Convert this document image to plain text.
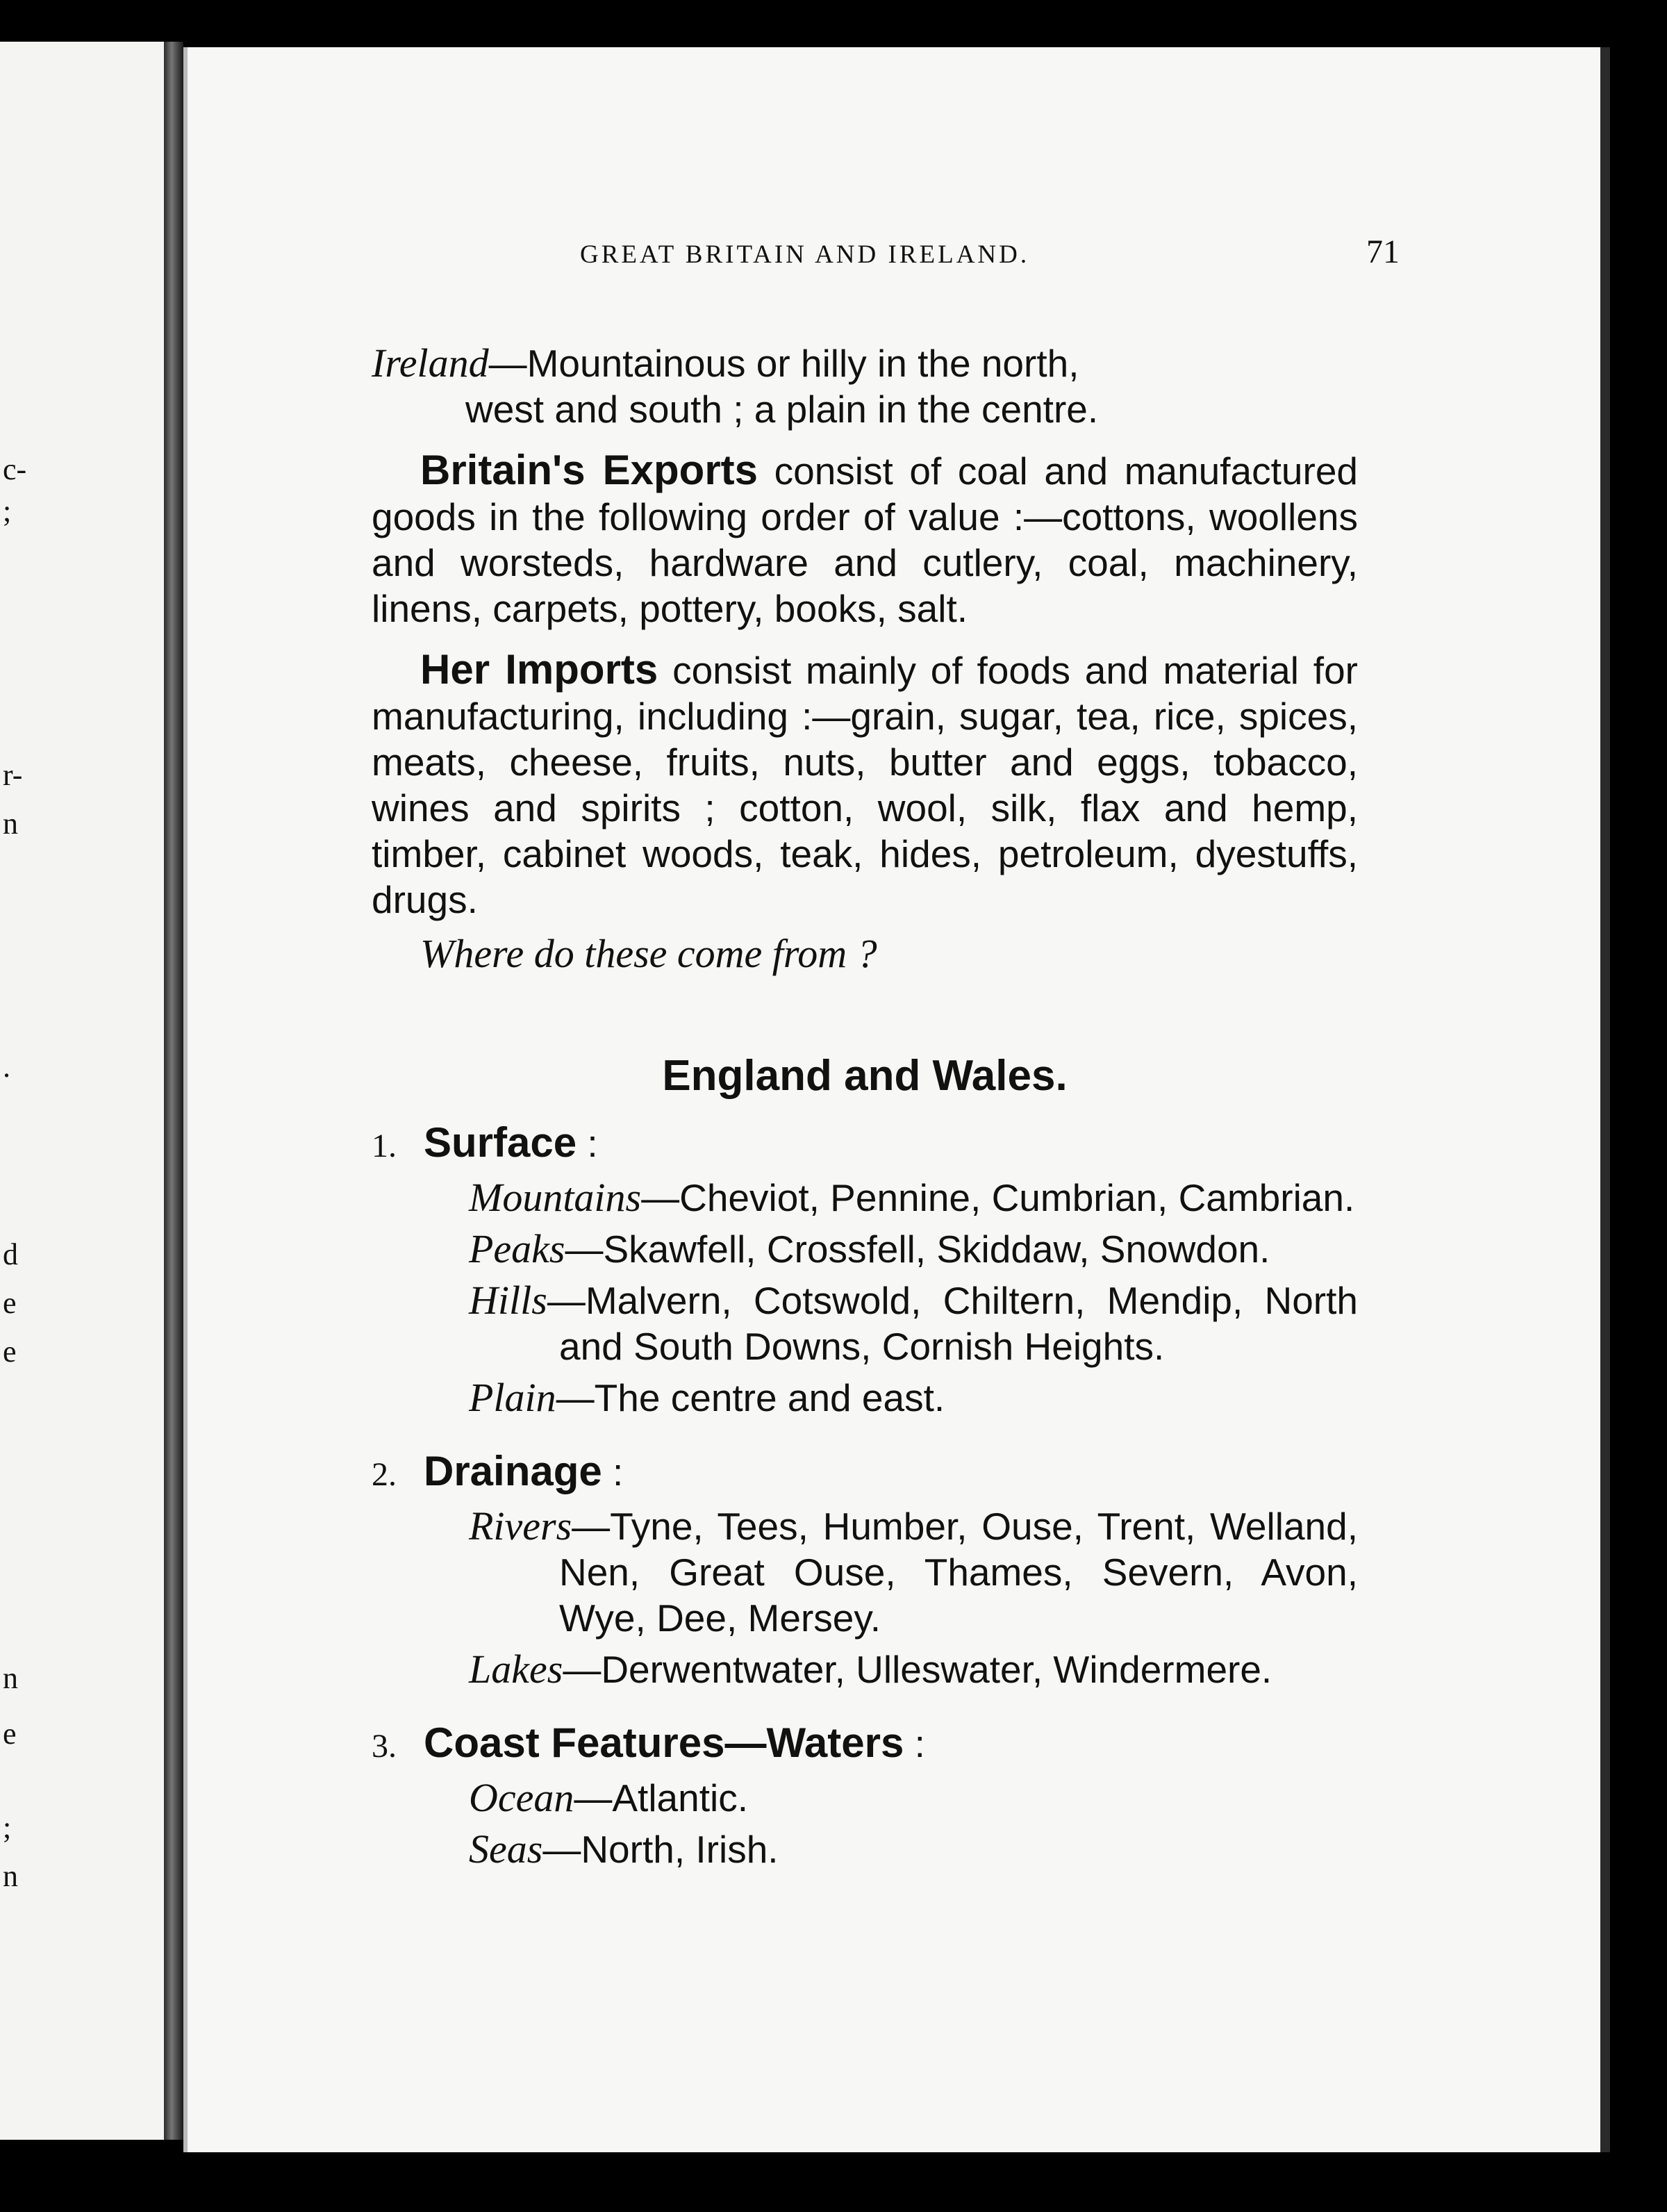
c-
;
r-
n
.
d
e
e
n
e
;
n
GREAT BRITAIN AND IRELAND.	71
Ireland—Mountainous or hilly in the north,
west and south ; a plain in the centre.

Britain's Exports consist of coal and manufactured goods in the following order of value :—cottons, woollens and worsteds, hardware and cutlery, coal, machinery, linens, carpets, pottery, books, salt.

Her Imports consist mainly of foods and material for manufacturing, including :—grain, sugar, tea, rice, spices, meats, cheese, fruits, nuts, butter and eggs, tobacco, wines and spirits ; cotton, wool, silk, flax and hemp, timber, cabinet woods, teak, hides, petroleum, dyestuffs, drugs.

Where do these come from ?

England and Wales.
1. Surface :
Mountains—Cheviot, Pennine, Cumbrian, Cambrian.
Peaks—Skawfell, Crossfell, Skiddaw, Snowdon.
Hills—Malvern, Cotswold, Chiltern, Mendip, North and South Downs, Cornish Heights.
Plain—The centre and east.
2. Drainage :
Rivers—Tyne, Tees, Humber, Ouse, Trent, Welland, Nen, Great Ouse, Thames, Severn, Avon, Wye, Dee, Mersey.
Lakes—Derwentwater, Ulleswater, Windermere.
3. Coast Features—Waters :
Ocean—Atlantic.
Seas—North, Irish.
